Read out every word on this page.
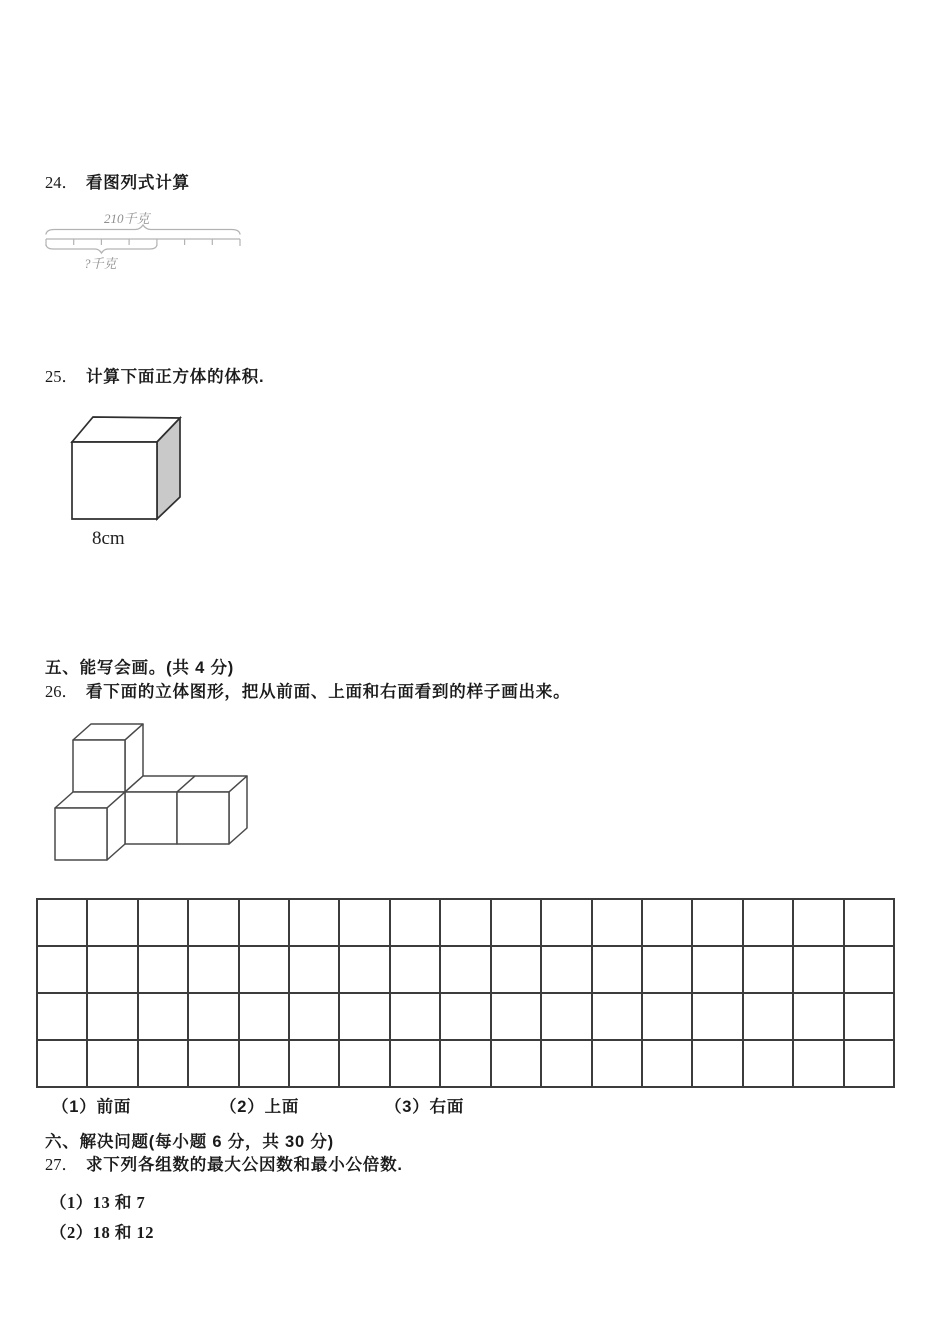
24． 看图列式计算
210千克
?千克
25． 计算下面正方体的体积.
8cm
五、能写会画。(共 4 分)
26． 看下面的立体图形，把从前面、上面和右面看到的样子画出来。
（1）前面	（2）上面	（3）右面
六、解决问题(每小题 6 分，共 30 分)
27． 求下列各组数的最大公因数和最小公倍数.
（1）13 和 7
（2）18 和 12
